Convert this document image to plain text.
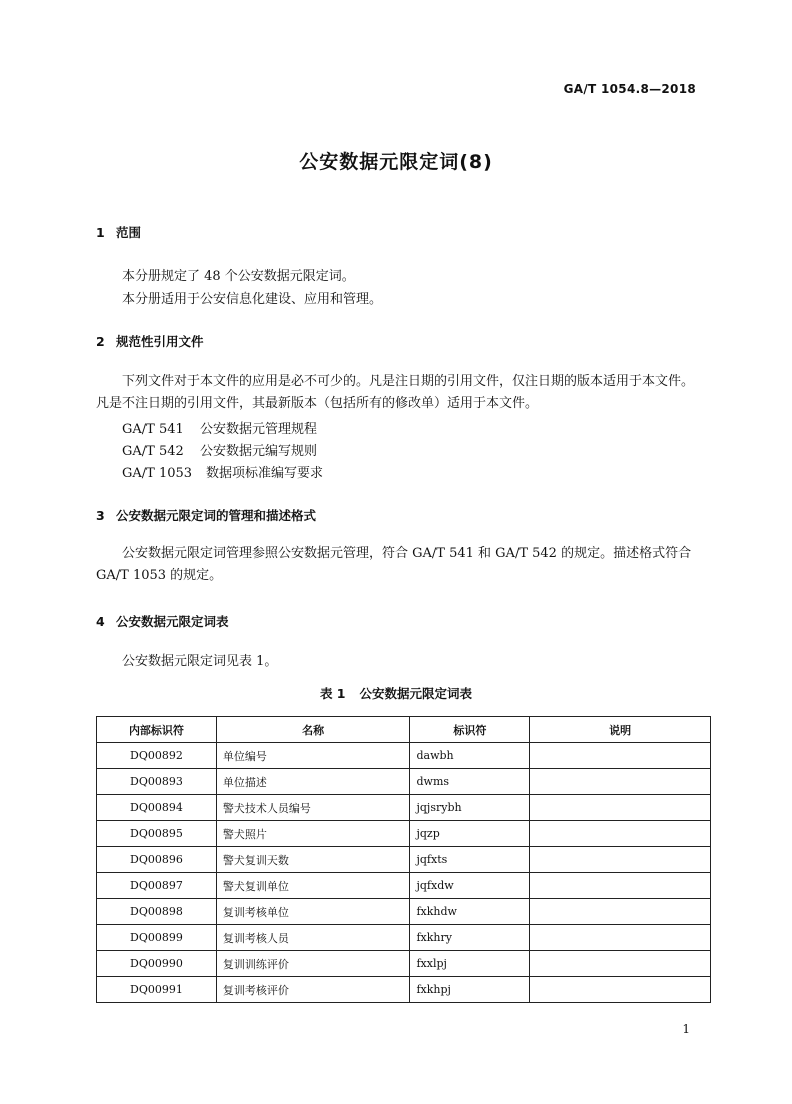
GA/T 1054.8—2018
公安数据元限定词(8)
1 范围
本分册规定了 48 个公安数据元限定词。
本分册适用于公安信息化建设、应用和管理。
2 规范性引用文件
下列文件对于本文件的应用是必不可少的。凡是注日期的引用文件，仅注日期的版本适用于本文件。凡是不注日期的引用文件，其最新版本（包括所有的修改单）适用于本文件。
GA/T 541 公安数据元管理规程
GA/T 542 公安数据元编写规则
GA/T 1053 数据项标准编写要求
3 公安数据元限定词的管理和描述格式
公安数据元限定词管理参照公安数据元管理，符合 GA/T 541 和 GA/T 542 的规定。描述格式符合 GA/T 1053 的规定。
4 公安数据元限定词表
公安数据元限定词见表 1。
表 1 公安数据元限定词表
内部标识符	名称	标识符	说明
DQ00892	单位编号	dawbh	
DQ00893	单位描述	dwms	
DQ00894	警犬技术人员编号	jqjsrybh	
DQ00895	警犬照片	jqzp	
DQ00896	警犬复训天数	jqfxts	
DQ00897	警犬复训单位	jqfxdw	
DQ00898	复训考核单位	fxkhdw	
DQ00899	复训考核人员	fxkhry	
DQ00990	复训训练评价	fxxlpj	
DQ00991	复训考核评价	fxkhpj	
1
